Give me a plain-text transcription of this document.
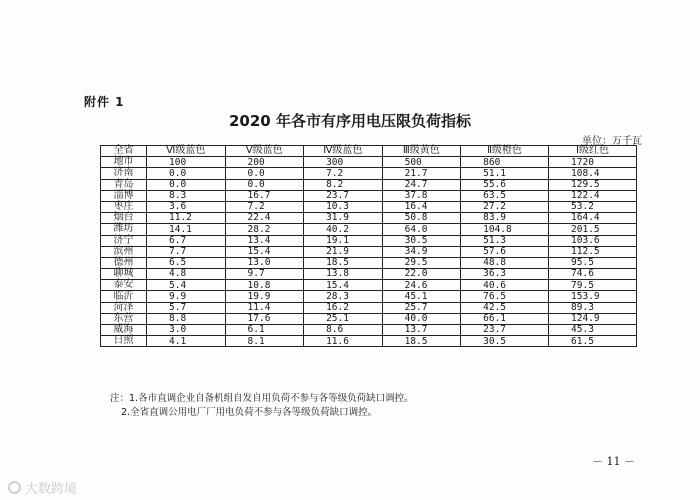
附件 1
2020 年各市有序用电压限负荷指标
单位：万千瓦
全省	Ⅵ级蓝色	Ⅴ级蓝色	Ⅳ级蓝色	Ⅲ级黄色	Ⅱ级橙色	Ⅰ级红色
地市	100	200	300	500	860	1720
济南	0.0	0.0	7.2	21.7	51.1	108.4
青岛	0.0	0.0	8.2	24.7	55.6	129.5
淄博	8.3	16.7	23.7	37.8	63.5	122.4
枣庄	3.6	7.2	10.3	16.4	27.2	53.2
烟台	11.2	22.4	31.9	50.8	83.9	164.4
潍坊	14.1	28.2	40.2	64.0	104.8	201.5
济宁	6.7	13.4	19.1	30.5	51.3	103.6
滨州	7.7	15.4	21.9	34.9	57.6	112.5
德州	6.5	13.0	18.5	29.5	48.8	95.5
聊城	4.8	9.7	13.8	22.0	36.3	74.6
泰安	5.4	10.8	15.4	24.6	40.6	79.5
临沂	9.9	19.9	28.3	45.1	76.5	153.9
菏泽	5.7	11.4	16.2	25.7	42.5	89.3
东营	8.8	17.6	25.1	40.0	66.1	124.9
威海	3.0	6.1	8.6	13.7	23.7	45.3
日照	4.1	8.1	11.6	18.5	30.5	61.5
注：1.各市直调企业自备机组自发自用负荷不参与各等级负荷缺口调控。
2.全省直调公用电厂厂用电负荷不参与各等级负荷缺口调控。
－ 11 －
大数跨境
